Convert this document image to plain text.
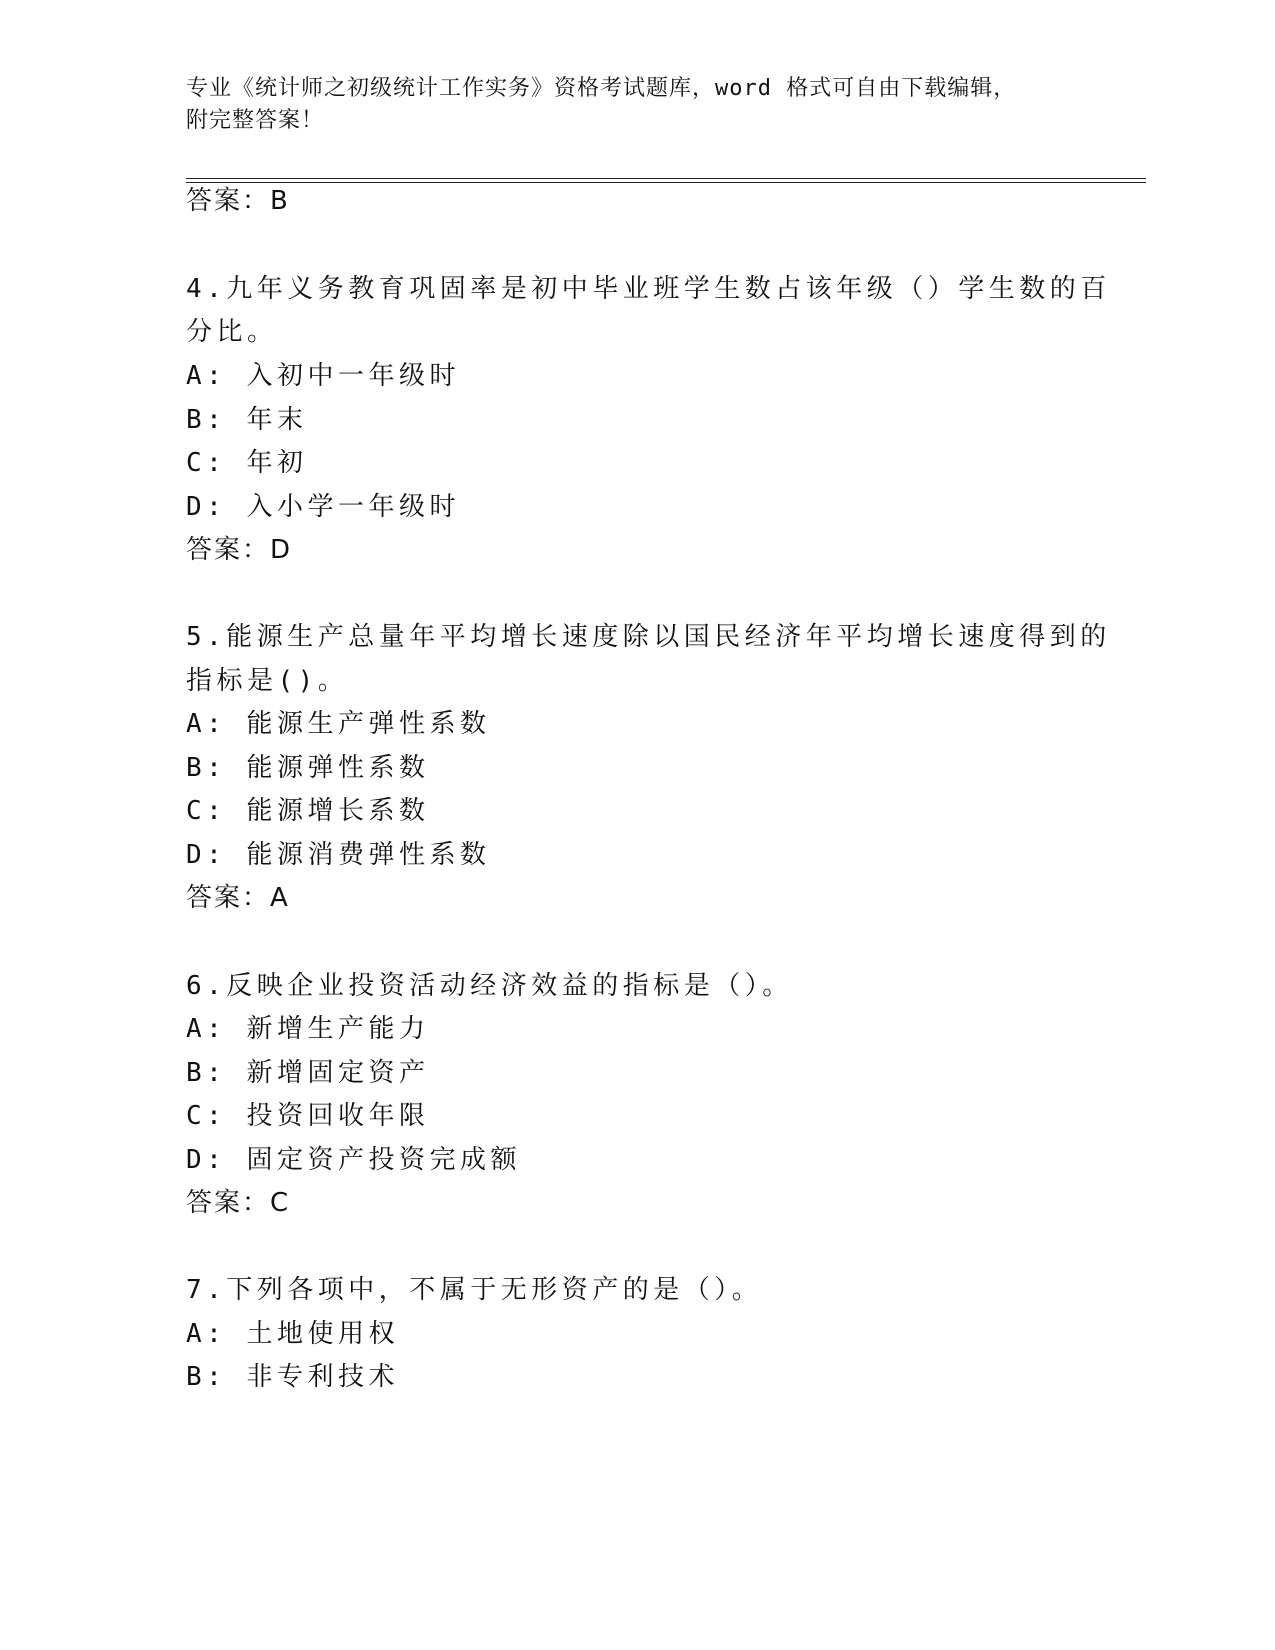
专业《统计师之初级统计工作实务》资格考试题库，word 格式可自由下载编辑，
附完整答案！
答案：B
4.九年义务教育巩固率是初中毕业班学生数占该年级（）学生数的百
分比。
A: 入初中一年级时
B: 年末
C: 年初
D: 入小学一年级时
答案：D
5.能源生产总量年平均增长速度除以国民经济年平均增长速度得到的
指标是()。
A: 能源生产弹性系数
B: 能源弹性系数
C: 能源增长系数
D: 能源消费弹性系数
答案：A
6.反映企业投资活动经济效益的指标是（）。
A: 新增生产能力
B: 新增固定资产
C: 投资回收年限
D: 固定资产投资完成额
答案：C
7.下列各项中，不属于无形资产的是（）。
A: 土地使用权
B: 非专利技术
